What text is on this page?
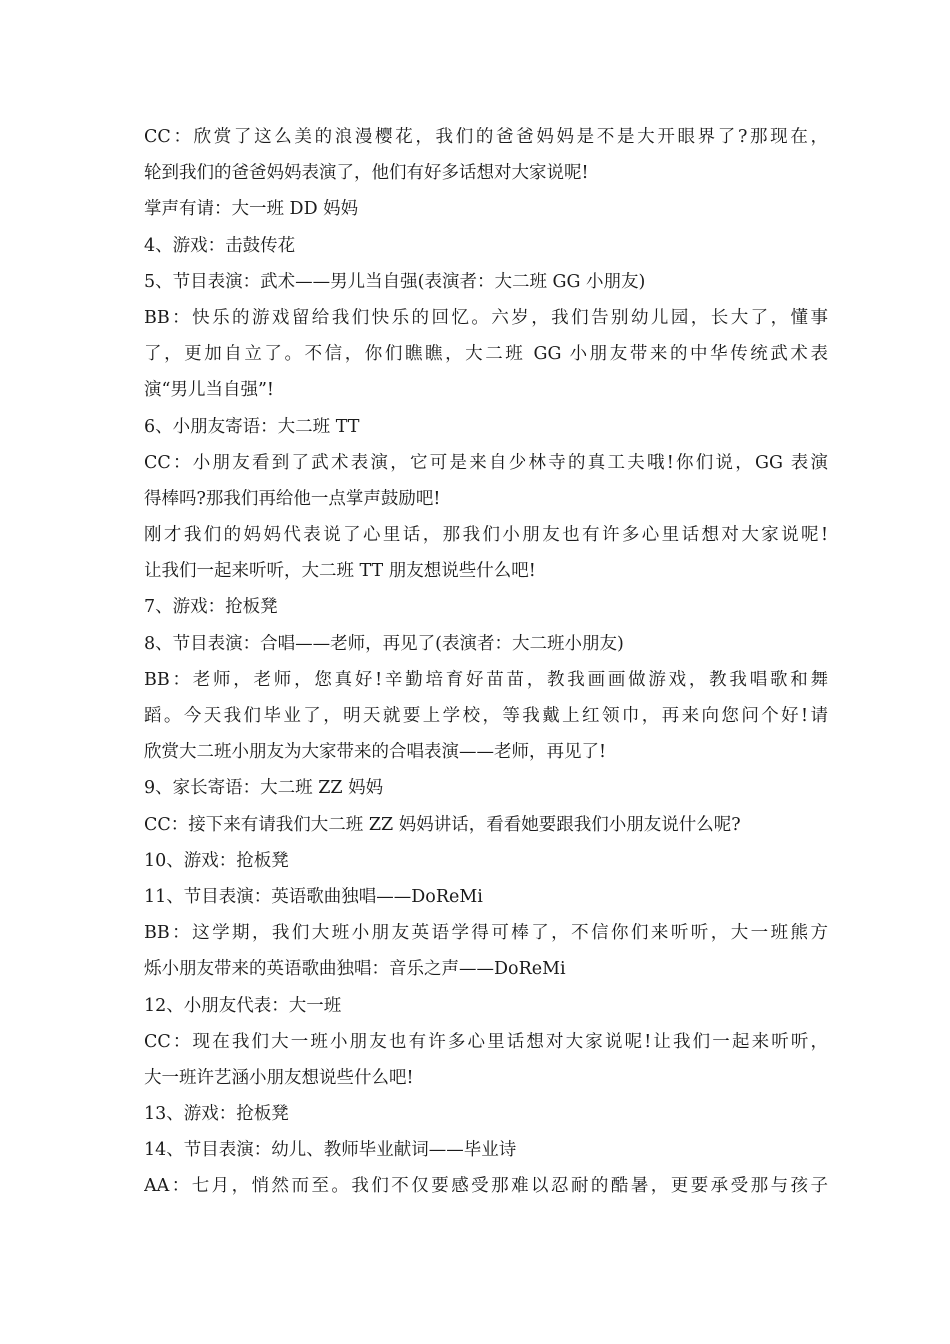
CC：欣赏了这么美的浪漫樱花，我们的爸爸妈妈是不是大开眼界了?那现在，
轮到我们的爸爸妈妈表演了，他们有好多话想对大家说呢!
掌声有请：大一班 DD 妈妈
4、游戏：击鼓传花
5、节目表演：武术——男儿当自强(表演者：大二班 GG 小朋友)
BB：快乐的游戏留给我们快乐的回忆。六岁，我们告别幼儿园，长大了，懂事
了，更加自立了。不信，你们瞧瞧，大二班 GG 小朋友带来的中华传统武术表
演“男儿当自强”!
6、小朋友寄语：大二班 TT
CC：小朋友看到了武术表演，它可是来自少林寺的真工夫哦!你们说，GG 表演
得棒吗?那我们再给他一点掌声鼓励吧!
刚才我们的妈妈代表说了心里话，那我们小朋友也有许多心里话想对大家说呢!
让我们一起来听听，大二班 TT 朋友想说些什么吧!
7、游戏：抢板凳
8、节目表演：合唱——老师，再见了(表演者：大二班小朋友)
BB：老师，老师，您真好!辛勤培育好苗苗，教我画画做游戏，教我唱歌和舞
蹈。今天我们毕业了，明天就要上学校，等我戴上红领巾，再来向您问个好!请
欣赏大二班小朋友为大家带来的合唱表演——老师，再见了!
9、家长寄语：大二班 ZZ 妈妈
CC：接下来有请我们大二班 ZZ 妈妈讲话，看看她要跟我们小朋友说什么呢?
10、游戏：抢板凳
11、节目表演：英语歌曲独唱——DoReMi
BB：这学期，我们大班小朋友英语学得可棒了，不信你们来听听，大一班熊方
烁小朋友带来的英语歌曲独唱：音乐之声——DoReMi
12、小朋友代表：大一班
CC：现在我们大一班小朋友也有许多心里话想对大家说呢!让我们一起来听听，
大一班许艺涵小朋友想说些什么吧!
13、游戏：抢板凳
14、节目表演：幼儿、教师毕业献词——毕业诗
AA：七月，悄然而至。我们不仅要感受那难以忍耐的酷暑，更要承受那与孩子
